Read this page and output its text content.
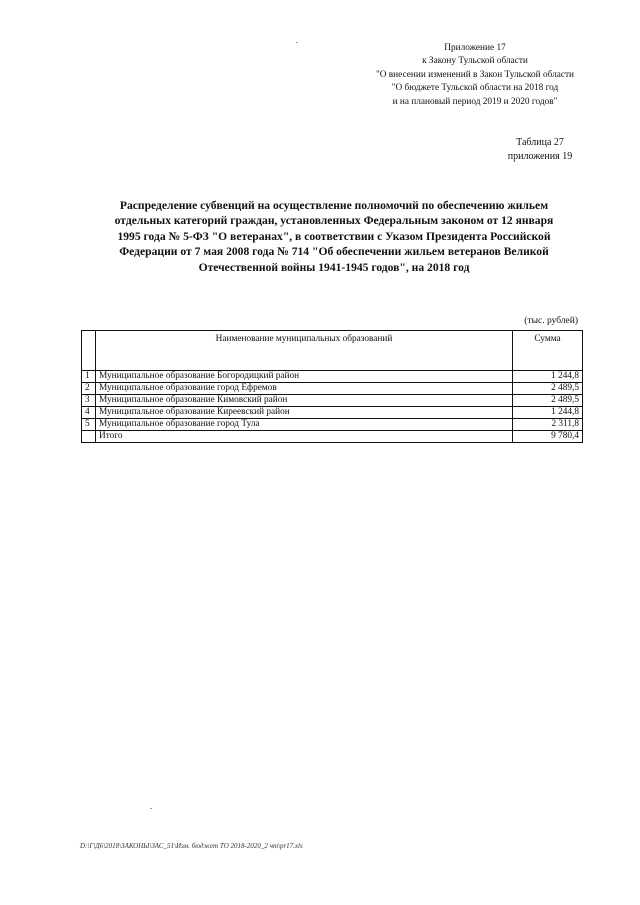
Приложение 17
к Закону Тульской области
"О внесении изменений в Закон Тульской области
"О бюджете Тульской области на 2018 год
и на плановый период 2019 и 2020 годов"
Таблица 27
приложения 19
Распределение субвенций на осуществление полномочий по обеспечению жильем
отдельных категорий граждан, установленных Федеральным законом от 12 января
1995 года № 5-ФЗ "О ветеранах", в соответствии с Указом Президента Российской
Федерации от 7 мая 2008 года № 714 "Об обеспечении жильем ветеранов Великой
Отечественной войны 1941-1945 годов", на 2018 год
(тыс. рублей)
	Наименование муниципальных образований	Сумма
1	Муниципальное образование Богородицкий район	1 244,8
2	Муниципальное образование город Ефремов	2 489,5
3	Муниципальное образование Кимовский район	2 489,5
4	Муниципальное образование Киреевский район	1 244,8
5	Муниципальное образование город Тула	2 311,8
	Итого	9 780,4
D:\Г\Д6\2018\ЗАКОНЫ\ЗАС_51\Изм. бюджет ТО 2018-2020_2 чт\pr17.xls
